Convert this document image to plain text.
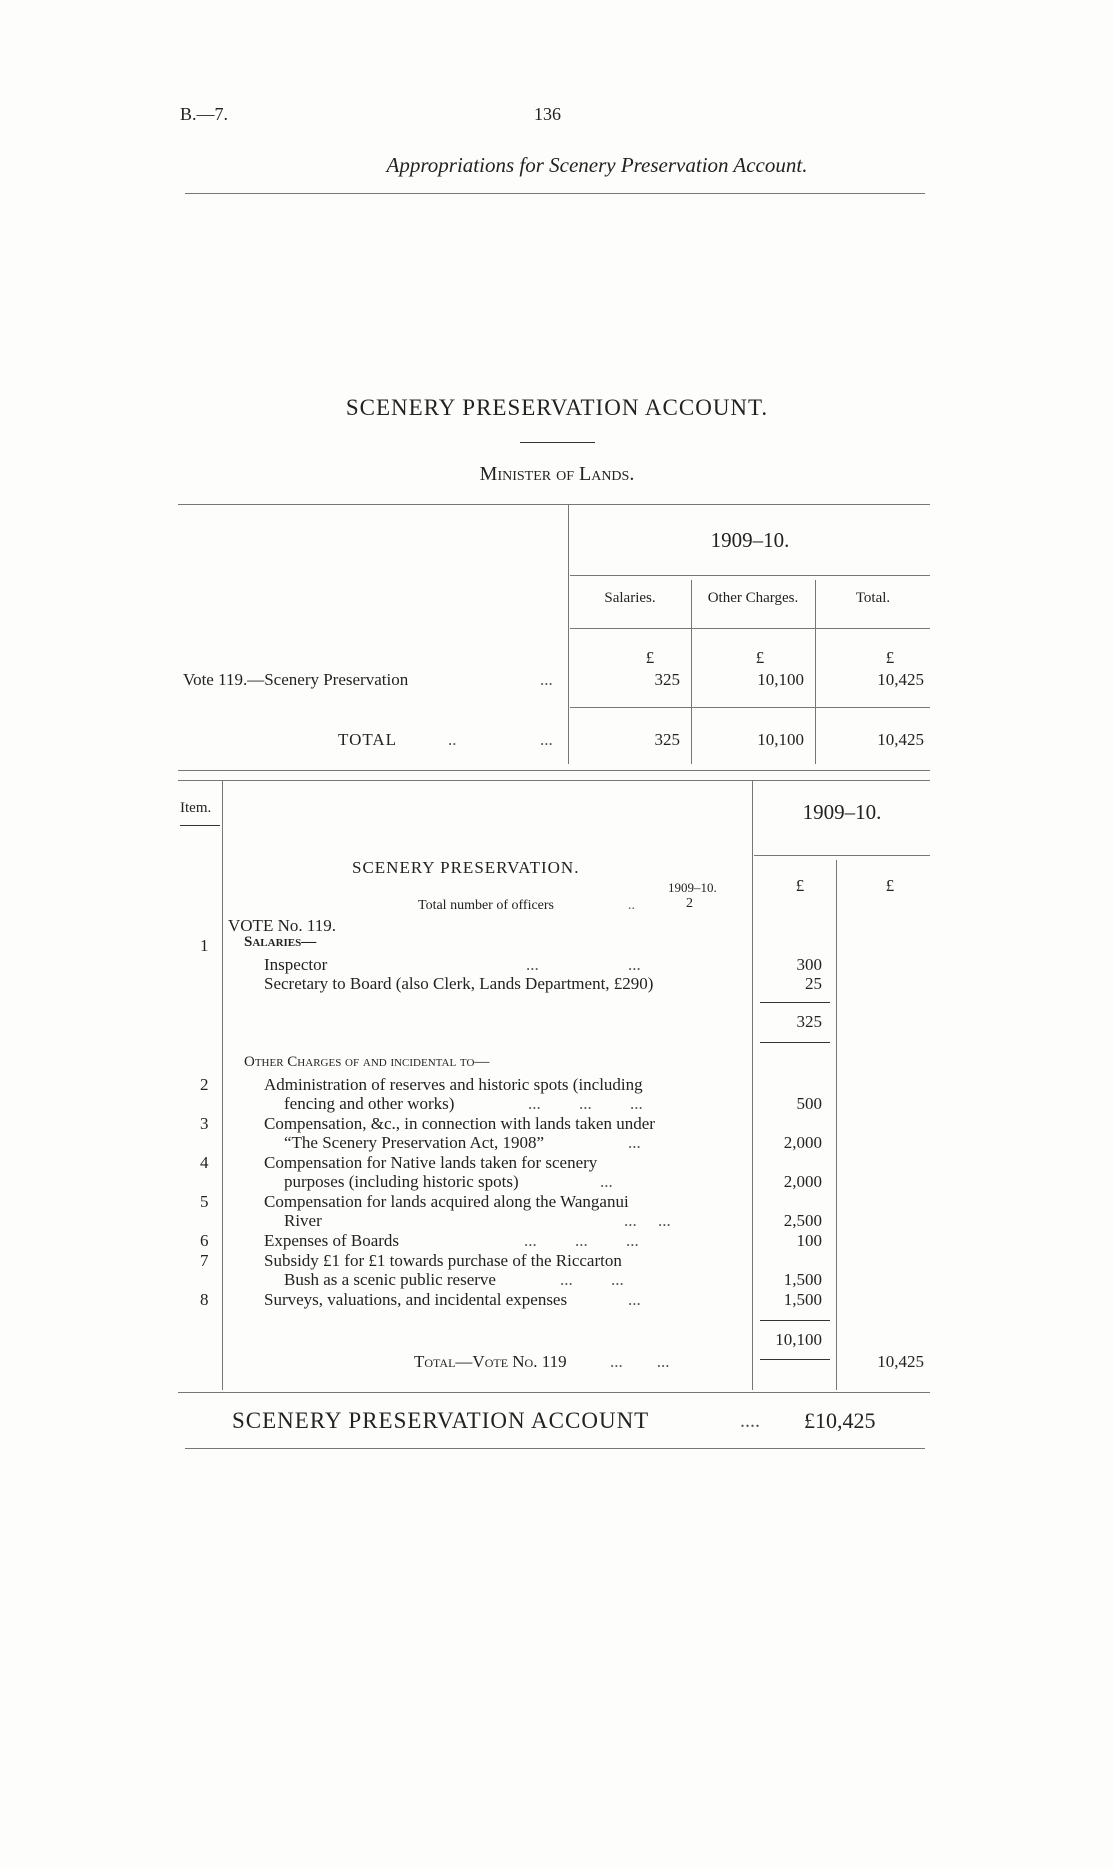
B.—7.	136
Appropriations for Scenery Preservation Account.
SCENERY PRESERVATION ACCOUNT.
Minister of Lands.
1909–10.
Salaries.	Other Charges.	Total.
£	£	£
Vote 119.—Scenery Preservation	...	325	10,100	10,425
TOTAL	..	...	325	10,100	10,425
Item.	1909–10.
£	£
SCENERY PRESERVATION.
1909–10.
Total number of officers	..	2
VOTE No. 119.
1 Salaries—
Inspector	...	...	300
Secretary to Board (also Clerk, Lands Department, £290)	25
325
Other Charges of and incidental to—
2	Administration of reserves and historic spots (including
fencing and other works)	...         ...         ...	500
3	Compensation, &c., in connection with lands taken under
“The Scenery Preservation Act, 1908”	...	2,000
4	Compensation for Native lands taken for scenery
purposes (including historic spots)	...	2,000
5	Compensation for lands acquired along the Wanganui
River	...     ...	2,500
6	Expenses of Boards	...         ...         ...	100
7	Subsidy £1 for £1 towards purchase of the Riccarton
Bush as a scenic public reserve	...         ...	1,500
8	Surveys, valuations, and incidental expenses	...	1,500
10,100
Total—Vote No. 119	...        ...	10,425
SCENERY PRESERVATION ACCOUNT	.... £10,425
